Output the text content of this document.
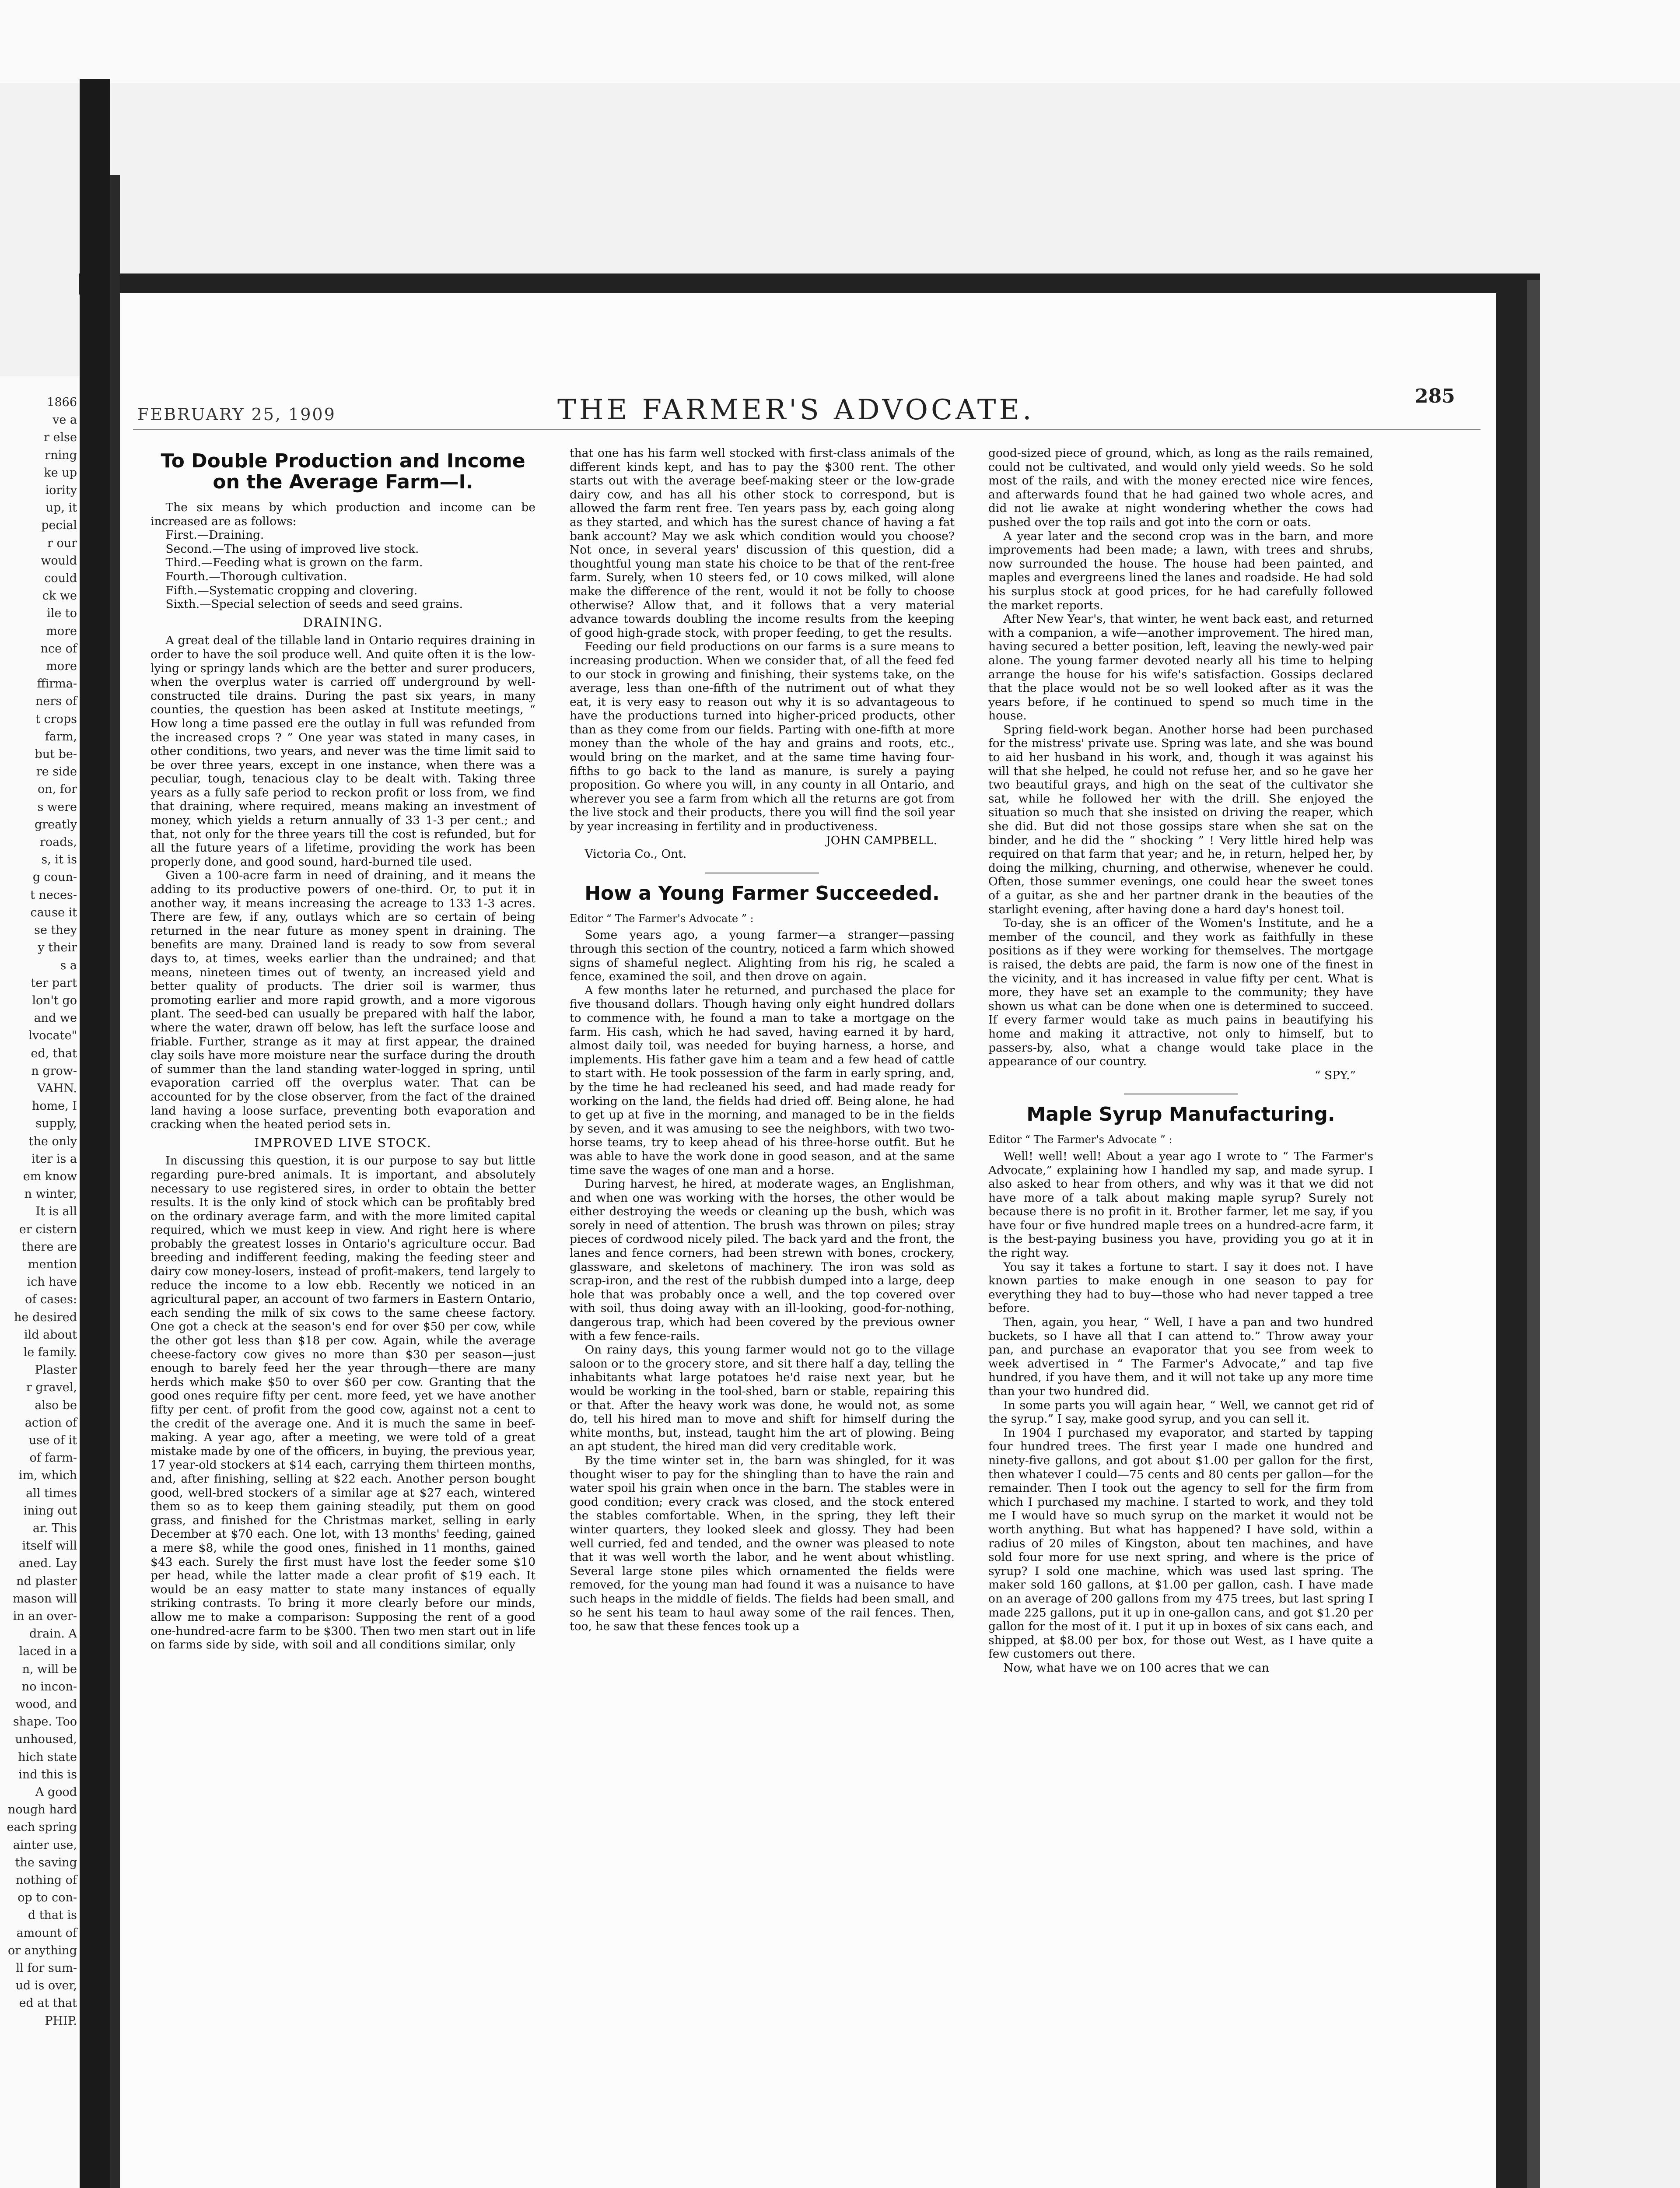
1866
ve a
r else
rning
ke up
iority
up, it
pecial
r our
would
could
ck we
ile to
more
nce of
more
ffirma-
ners of
t crops
farm,
but be-
re side
on, for
s were
greatly
roads,
s, it is
g coun-
t neces-
cause it
se they
y their
s a
ter part
lon't go
and we
lvocate"
ed, that
n grow-
VAHN.
home, I
supply,
the only
iter is a
em know
n winter,
It is all
er cistern
there are
mention
ich have
of cases:
he desired
ild about
le family.
Plaster
r gravel,
also be
action of
use of it
of farm-
im, which
all times
ining out
ar. This
itself will
aned. Lay
nd plaster
mason will
in an over-
drain. A
laced in a
n, will be
no incon-
wood, and
shape. Too
unhoused,
hich state
ind this is
A good
nough hard
each spring
ainter use,
the saving
nothing of
op to con-
d that is
amount of
or anything
ll for sum-
ud is over,
ed at that
PHIP.
FEBRUARY 25, 1909	THE FARMER'S ADVOCATE.	285
To Double Production and Income on the Average Farm—I.

The six means by which production and income can be increased are as follows:

First.—Draining.
Second.—The using of improved live stock.
Third.—Feeding what is grown on the farm.
Fourth.—Thorough cultivation.
Fifth.—Systematic cropping and clovering.
Sixth.—Special selection of seeds and seed grains.
DRAINING.

A great deal of the tillable land in Ontario requires draining in order to have the soil produce well. And quite often it is the low-lying or springy lands which are the better and surer producers, when the overplus water is carried off underground by well-constructed tile drains. During the past six years, in many counties, the question has been asked at Institute meetings, “ How long a time passed ere the outlay in full was refunded from the increased crops ? ” One year was stated in many cases, in other conditions, two years, and never was the time limit said to be over three years, except in one instance, when there was a peculiar, tough, tenacious clay to be dealt with. Taking three years as a fully safe period to reckon profit or loss from, we find that draining, where required, means making an investment of money, which yields a return annually of 33 1-3 per cent.; and that, not only for the three years till the cost is refunded, but for all the future years of a lifetime, providing the work has been properly done, and good sound, hard-burned tile used.

Given a 100-acre farm in need of draining, and it means the adding to its productive powers of one-third. Or, to put it in another way, it means increasing the acreage to 133 1-3 acres. There are few, if any, outlays which are so certain of being returned in the near future as money spent in draining. The benefits are many. Drained land is ready to sow from several days to, at times, weeks earlier than the undrained; and that means, nineteen times out of twenty, an increased yield and better quality of products. The drier soil is warmer, thus promoting earlier and more rapid growth, and a more vigorous plant. The seed-bed can usually be prepared with half the labor, where the water, drawn off below, has left the surface loose and friable. Further, strange as it may at first appear, the drained clay soils have more moisture near the surface during the drouth of summer than the land standing water-logged in spring, until evaporation carried off the overplus water. That can be accounted for by the close observer, from the fact of the drained land having a loose surface, preventing both evaporation and cracking when the heated period sets in.

IMPROVED LIVE STOCK.

In discussing this question, it is our purpose to say but little regarding pure-bred animals. It is important, and absolutely necessary to use registered sires, in order to obtain the better results. It is the only kind of stock which can be profitably bred on the ordinary average farm, and with the more limited capital required, which we must keep in view. And right here is where probably the greatest losses in Ontario's agriculture occur. Bad breeding and indifferent feeding, making the feeding steer and dairy cow money-losers, instead of profit-makers, tend largely to reduce the income to a low ebb. Recently we noticed in an agricultural paper, an account of two farmers in Eastern Ontario, each sending the milk of six cows to the same cheese factory. One got a check at the season's end for over $50 per cow, while the other got less than $18 per cow. Again, while the average cheese-factory cow gives no more than $30 per season—just enough to barely feed her the year through—there are many herds which make $50 to over $60 per cow. Granting that the good ones require fifty per cent. more feed, yet we have another fifty per cent. of profit from the good cow, against not a cent to the credit of the average one. And it is much the same in beef-making. A year ago, after a meeting, we were told of a great mistake made by one of the officers, in buying, the previous year, 17 year-old stockers at $14 each, carrying them thirteen months, and, after finishing, selling at $22 each. Another person bought good, well-bred stockers of a similar age at $27 each, wintered them so as to keep them gaining steadily, put them on good grass, and finished for the Christmas market, selling in early December at $70 each. One lot, with 13 months' feeding, gained a mere $8, while the good ones, finished in 11 months, gained $43 each. Surely the first must have lost the feeder some $10 per head, while the latter made a clear profit of $19 each. It would be an easy matter to state many instances of equally striking contrasts. To bring it more clearly before our minds, allow me to make a comparison: Supposing the rent of a good one-hundred-acre farm to be $300. Then two men start out in life on farms side by side, with soil and all conditions similar, only

that one has his farm well stocked with first-class animals of the different kinds kept, and has to pay the $300 rent. The other starts out with the average beef-making steer or the low-grade dairy cow, and has all his other stock to correspond, but is allowed the farm rent free. Ten years pass by, each going along as they started, and which has the surest chance of having a fat bank account? May we ask which condition would you choose? Not once, in several years' discussion of this question, did a thoughtful young man state his choice to be that of the rent-free farm. Surely, when 10 steers fed, or 10 cows milked, will alone make the difference of the rent, would it not be folly to choose otherwise? Allow that, and it follows that a very material advance towards doubling the income results from the keeping of good high-grade stock, with proper feeding, to get the results.

Feeding our field productions on our farms is a sure means to increasing production. When we consider that, of all the feed fed to our stock in growing and finishing, their systems take, on the average, less than one-fifth of the nutriment out of what they eat, it is very easy to reason out why it is so advantageous to have the productions turned into higher-priced products, other than as they come from our fields. Parting with one-fifth at more money than the whole of the hay and grains and roots, etc., would bring on the market, and at the same time having four-fifths to go back to the land as manure, is surely a paying proposition. Go where you will, in any county in all Ontario, and wherever you see a farm from which all the returns are got from the live stock and their products, there you will find the soil year by year increasing in fertility and in productiveness.

JOHN CAMPBELL.
Victoria Co., Ont.
How a Young Farmer Succeeded.
Editor “ The Farmer's Advocate ” :

Some years ago, a young farmer—a stranger—passing through this section of the country, noticed a farm which showed signs of shameful neglect. Alighting from his rig, he scaled a fence, examined the soil, and then drove on again.

A few months later he returned, and purchased the place for five thousand dollars. Though having only eight hundred dollars to commence with, he found a man to take a mortgage on the farm. His cash, which he had saved, having earned it by hard, almost daily toil, was needed for buying harness, a horse, and implements. His father gave him a team and a few head of cattle to start with. He took possession of the farm in early spring, and, by the time he had recleaned his seed, and had made ready for working on the land, the fields had dried off. Being alone, he had to get up at five in the morning, and managed to be in the fields by seven, and it was amusing to see the neighbors, with two two-horse teams, try to keep ahead of his three-horse outfit. But he was able to have the work done in good season, and at the same time save the wages of one man and a horse.

During harvest, he hired, at moderate wages, an Englishman, and when one was working with the horses, the other would be either destroying the weeds or cleaning up the bush, which was sorely in need of attention. The brush was thrown on piles; stray pieces of cordwood nicely piled. The back yard and the front, the lanes and fence corners, had been strewn with bones, crockery, glassware, and skeletons of machinery. The iron was sold as scrap-iron, and the rest of the rubbish dumped into a large, deep hole that was probably once a well, and the top covered over with soil, thus doing away with an ill-looking, good-for-nothing, dangerous trap, which had been covered by the previous owner with a few fence-rails.

On rainy days, this young farmer would not go to the village saloon or to the grocery store, and sit there half a day, telling the inhabitants what large potatoes he'd raise next year, but he would be working in the tool-shed, barn or stable, repairing this or that. After the heavy work was done, he would not, as some do, tell his hired man to move and shift for himself during the white months, but, instead, taught him the art of plowing. Being an apt student, the hired man did very creditable work.

By the time winter set in, the barn was shingled, for it was thought wiser to pay for the shingling than to have the rain and water spoil his grain when once in the barn. The stables were in good condition; every crack was closed, and the stock entered the stables comfortable. When, in the spring, they left their winter quarters, they looked sleek and glossy. They had been well curried, fed and tended, and the owner was pleased to note that it was well worth the labor, and he went about whistling. Several large stone piles which ornamented the fields were removed, for the young man had found it was a nuisance to have such heaps in the middle of fields. The fields had been small, and so he sent his team to haul away some of the rail fences. Then, too, he saw that these fences took up a

good-sized piece of ground, which, as long as the rails remained, could not be cultivated, and would only yield weeds. So he sold most of the rails, and with the money erected nice wire fences, and afterwards found that he had gained two whole acres, and did not lie awake at night wondering whether the cows had pushed over the top rails and got into the corn or oats.

A year later and the second crop was in the barn, and more improvements had been made; a lawn, with trees and shrubs, now surrounded the house. The house had been painted, and maples and evergreens lined the lanes and roadside. He had sold his surplus stock at good prices, for he had carefully followed the market reports.

After New Year's, that winter, he went back east, and returned with a companion, a wife—another improvement. The hired man, having secured a better position, left, leaving the newly-wed pair alone. The young farmer devoted nearly all his time to helping arrange the house for his wife's satisfaction. Gossips declared that the place would not be so well looked after as it was the years before, if he continued to spend so much time in the house.

Spring field-work began. Another horse had been purchased for the mistress' private use. Spring was late, and she was bound to aid her husband in his work, and, though it was against his will that she helped, he could not refuse her, and so he gave her two beautiful grays, and high on the seat of the cultivator she sat, while he followed her with the drill. She enjoyed the situation so much that she insisted on driving the reaper, which she did. But did not those gossips stare when she sat on the binder, and he did the “ shocking ” ! Very little hired help was required on that farm that year; and he, in return, helped her, by doing the milking, churning, and otherwise, whenever he could. Often, those summer evenings, one could hear the sweet tones of a guitar, as she and her partner drank in the beauties of the starlight evening, after having done a hard day's honest toil.

To-day, she is an officer of the Women's Institute, and he a member of the council, and they work as faithfully in these positions as if they were working for themselves. The mortgage is raised, the debts are paid, the farm is now one of the finest in the vicinity, and it has increased in value fifty per cent. What is more, they have set an example to the community; they have shown us what can be done when one is determined to succeed. If every farmer would take as much pains in beautifying his home and making it attractive, not only to himself, but to passers-by, also, what a change would take place in the appearance of our country.

“ SPY.”
Maple Syrup Manufacturing.
Editor “ The Farmer's Advocate ” :

Well! well! well! About a year ago I wrote to “ The Farmer's Advocate,” explaining how I handled my sap, and made syrup. I also asked to hear from others, and why was it that we did not have more of a talk about making maple syrup? Surely not because there is no profit in it. Brother farmer, let me say, if you have four or five hundred maple trees on a hundred-acre farm, it is the best-paying business you have, providing you go at it in the right way.

You say it takes a fortune to start. I say it does not. I have known parties to make enough in one season to pay for everything they had to buy—those who had never tapped a tree before.

Then, again, you hear, “ Well, I have a pan and two hundred buckets, so I have all that I can attend to.” Throw away your pan, and purchase an evaporator that you see from week to week advertised in “ The Farmer's Advocate,” and tap five hundred, if you have them, and it will not take up any more time than your two hundred did.

In some parts you will again hear, “ Well, we cannot get rid of the syrup.” I say, make good syrup, and you can sell it.

In 1904 I purchased my evaporator, and started by tapping four hundred trees. The first year I made one hundred and ninety-five gallons, and got about $1.00 per gallon for the first, then whatever I could—75 cents and 80 cents per gallon—for the remainder. Then I took out the agency to sell for the firm from which I purchased my machine. I started to work, and they told me I would have so much syrup on the market it would not be worth anything. But what has happened? I have sold, within a radius of 20 miles of Kingston, about ten machines, and have sold four more for use next spring, and where is the price of syrup? I sold one machine, which was used last spring. The maker sold 160 gallons, at $1.00 per gallon, cash. I have made on an average of 200 gallons from my 475 trees, but last spring I made 225 gallons, put it up in one-gallon cans, and got $1.20 per gallon for the most of it. I put it up in boxes of six cans each, and shipped, at $8.00 per box, for those out West, as I have quite a few customers out there.

Now, what have we on 100 acres that we can
